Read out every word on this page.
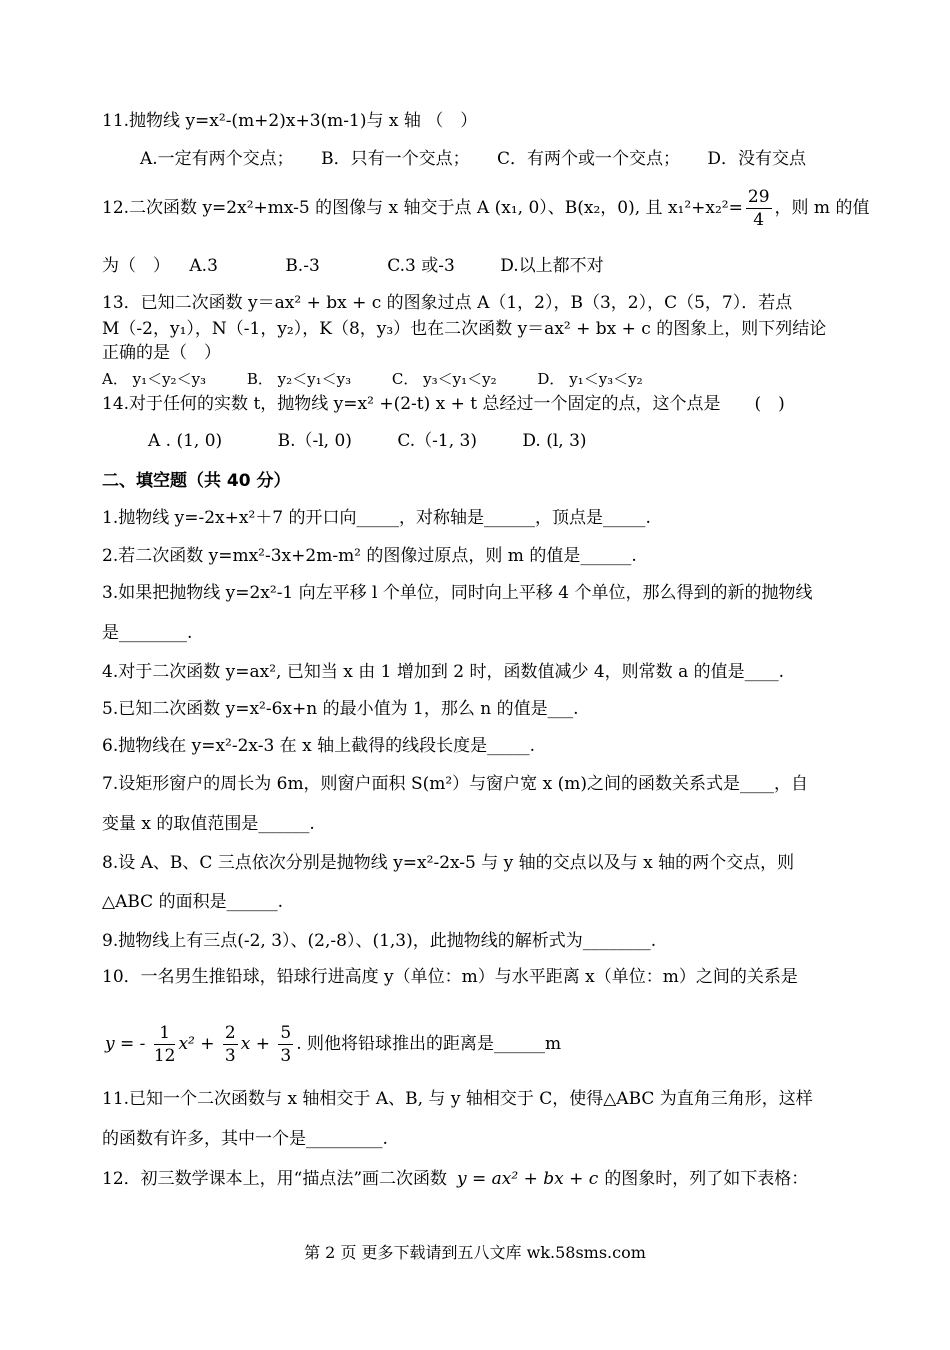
11.抛物线 y=x²-(m+2)x+3(m-1)与 x 轴 （　）
A.一定有两个交点； B．只有一个交点； C．有两个或一个交点； D．没有交点
12.二次函数 y=2x²+mx-5 的图像与 x 轴交于点 A (x₁, 0）、B(x₂，0), 且 $x_1^2+x_2^2= \frac{29}{4}$ ，则 m 的值
为（　） A.3	B.-3	C.3 或-3	D.以上都不对
13．已知二次函数 y＝ax² + bx + c 的图象过点 A（1，2），B（3，2），C（5，7）．若点
M（-2，y₁），N（-1，y₂），K（8，y₃）也在二次函数 y＝ax² + bx + c 的图象上，则下列结论
正确的是（　）
A． y₁＜y₂＜y₃	B． y₂＜y₁＜y₃	C． y₃＜y₁＜y₂	D． y₁＜y₃＜y₂
14.对于任何的实数 t，抛物线 y=x² +(2-t) x + t 总经过一个固定的点，这个点是　　(　)
A . (1, 0)	B.（-l, 0)	C.（-1, 3)	D. (l, 3)
二、填空题（共 40 分）
1.抛物线 y=-2x+x²＋7 的开口向_____，对称轴是______，顶点是_____.
2.若二次函数 y=mx²-3x+2m-m² 的图像过原点，则 m 的值是______.
3.如果把抛物线 y=2x²-1 向左平移 l 个单位，同时向上平移 4 个单位，那么得到的新的抛物线
是________.
4.对于二次函数 y=ax², 已知当 x 由 1 增加到 2 时，函数值减少 4，则常数 a 的值是____.
5.已知二次函数 y=x²-6x+n 的最小值为 1，那么 n 的值是___.
6.抛物线在 y=x²-2x-3 在 x 轴上截得的线段长度是_____.
7.设矩形窗户的周长为 6m，则窗户面积 S(m²）与窗户宽 x (m)之间的函数关系式是____，自
变量 x 的取值范围是______.
8.设 A、B、C 三点依次分别是抛物线 y=x²-2x-5 与 y 轴的交点以及与 x 轴的两个交点，则
△ABC 的面积是______.
9.抛物线上有三点(-2, 3）、(2,-8）、(1,3)，此抛物线的解析式为________.
10．一名男生推铅球，铅球行进高度 y（单位：m）与水平距离 x（单位：m）之间的关系是
y = - $\frac{1}{12} x^2 + \frac{2}{3}$ $x + \frac{5}{3}$ . 则他将铅球推出的距离是______m
11.已知一个二次函数与 x 轴相交于 A、B, 与 y 轴相交于 C，使得△ABC 为直角三角形，这样
的函数有许多，其中一个是_________.
12．初三数学课本上，用“描点法”画二次函数 y = ax² + bx + c 的图象时，列了如下表格：
第 2 页 更多下载请到五八文库 wk.58sms.com
